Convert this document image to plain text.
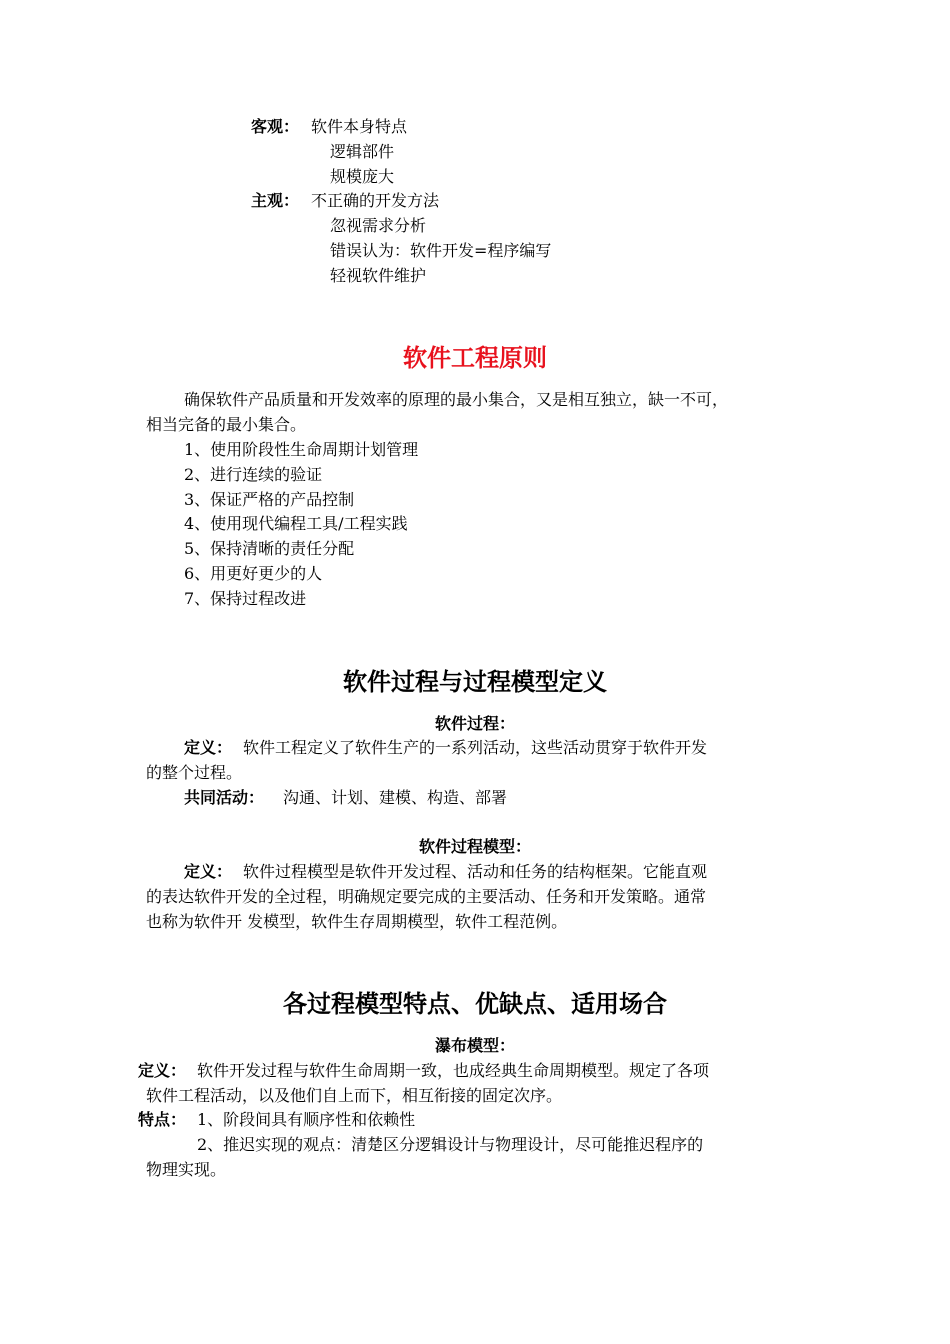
客观： 软件本身特点
逻辑部件
规模庞大
主观： 不正确的开发方法
忽视需求分析
错误认为：软件开发=程序编写
轻视软件维护
软件工程原则
确保软件产品质量和开发效率的原理的最小集合，又是相互独立，缺一不可，
相当完备的最小集合。
1、使用阶段性生命周期计划管理
2、进行连续的验证
3、保证严格的产品控制
4、使用现代编程工具/工程实践
5、保持清晰的责任分配
6、用更好更少的人
7、保持过程改进
软件过程与过程模型定义
软件过程：
定义： 软件工程定义了软件生产的一系列活动，这些活动贯穿于软件开发
的整个过程。
共同活动： 沟通、计划、建模、构造、部署
软件过程模型：
定义： 软件过程模型是软件开发过程、活动和任务的结构框架。它能直观
的表达软件开发的全过程，明确规定要完成的主要活动、任务和开发策略。通常
也称为软件开 发模型，软件生存周期模型，软件工程范例。
各过程模型特点、优缺点、适用场合
瀑布模型：
定义： 软件开发过程与软件生命周期一致，也成经典生命周期模型。规定了各项
软件工程活动，以及他们自上而下，相互衔接的固定次序。
特点： 1、阶段间具有顺序性和依赖性
2、推迟实现的观点：清楚区分逻辑设计与物理设计，尽可能推迟程序的
物理实现。
